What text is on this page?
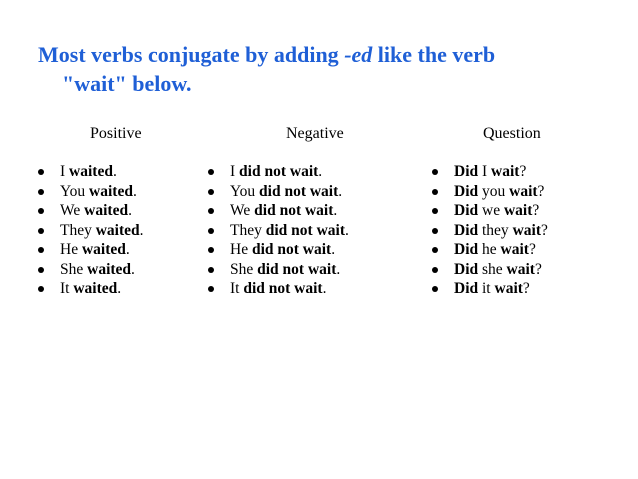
Most verbs conjugate by adding -ed like the verb
"wait" below.
Positive
I waited.
You waited.
We waited.
They waited.
He waited.
She waited.
It waited.
Negative
I did not wait.
You did not wait.
We did not wait.
They did not wait.
He did not wait.
She did not wait.
It did not wait.
Question
Did I wait?
Did you wait?
Did we wait?
Did they wait?
Did he wait?
Did she wait?
Did it wait?
